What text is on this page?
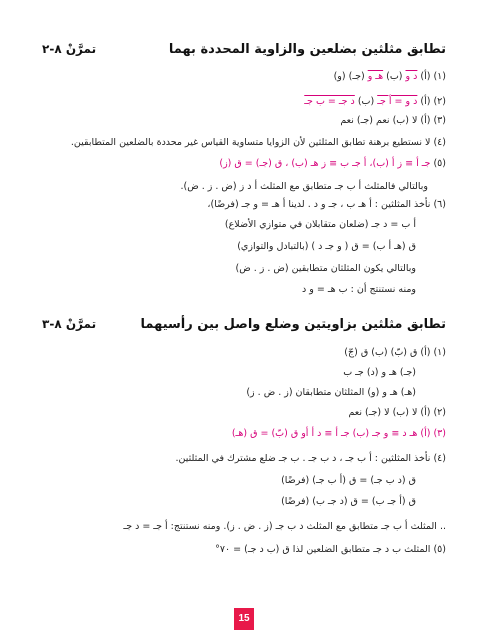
تطابق مثلثين بضلعين والزاوية المحددة بهما
تمرَّنْ ٨-٢
(١) (أ) د و (ب) هـ و (جـ) (و)
(٢) (أ) د و = أ جـ (ب) د جـ = ب جـ
(٣) (أ) لا (ب) نعم (جـ) نعم
(٤) لا نستطيع برهنة تطابق المثلثين لأن الزوايا متساوية القياس غير محددة بالضلعين المتطابقين.
(٥) جـ أ ≡ ز أ (ب)، أ جـ ب ≡ ز هـ (ب) ، ق (جـ) = ق (ز)
وبالتالي فالمثلث أ ب جـ متطابق مع المثلث أ د ز (ض . ز . ض).
(٦) نأخذ المثلثين : أ هـ ب ، جـ و د . لدينا أ هـ = و جـ (فرضًا)،
أ ب = د جـ (ضلعان متقابلان في متوازي الأضلاع)
ق (هـ أ ب) = ق ( و جـ د ) (بالتبادل والتوازي)
وبالتالي يكون المثلثان متطابقين (ض . ز . ض)
ومنه نستنتج أن : ب هـ = و د
تطابق مثلثين بزاويتين وضلع واصل بين رأسيهما
تمرَّنْ ٨-٣
(١) (أ) ق (بّ) (ب) ق (جّ)
(جـ) هـ و (د) جـ ب
(هـ) هـ و (و) المثلثان متطابقان (ز . ض . ز)
(٢) (أ) لا (ب) لا (جـ) نعم
(٣) (أ) هـ د ≡ و جـ (ب) جـ أ ≡ د أ أو ق (بّ) = ق (هـ)
(٤) نأخذ المثلثين : أ ب جـ ، د ب جـ . ب جـ ضلع مشترك في المثلثين.
ق (د ب جـ) = ق (أ ب جـ) (فرضًا)
ق (أ جـ ب) = ق (د جـ ب) (فرضًا)
.. المثلث أ ب جـ متطابق مع المثلث د ب جـ (ز . ض . ز). ومنه نستنتج: أ جـ = د جـ
(٥) المثلث ب د جـ متطابق الضلعين لذا ق (ب د جـ) = ٧٠°
15
